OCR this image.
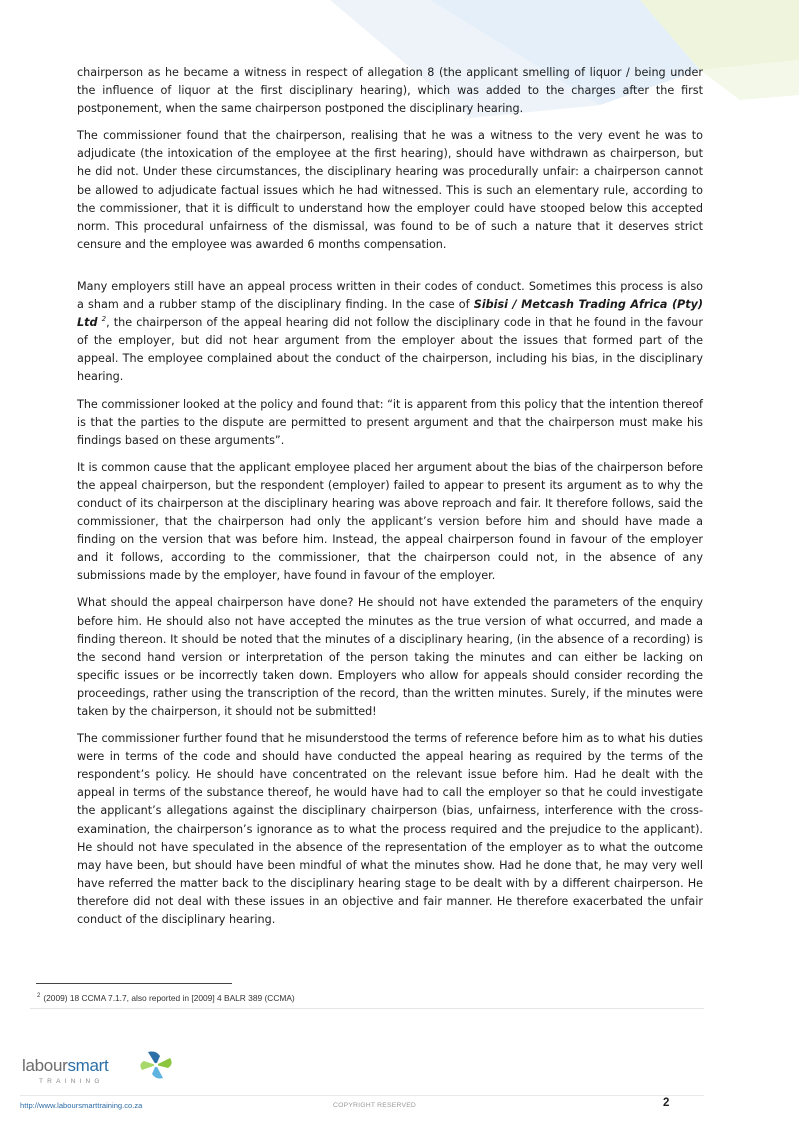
chairperson as he became a witness in respect of allegation 8 (the applicant smelling of liquor / being under the influence of liquor at the first disciplinary hearing), which was added to the charges after the first postponement, when the same chairperson postponed the disciplinary hearing.

The commissioner found that the chairperson, realising that he was a witness to the very event he was to adjudicate (the intoxication of the employee at the first hearing), should have withdrawn as chairperson, but he did not. Under these circumstances, the disciplinary hearing was procedurally unfair: a chairperson cannot be allowed to adjudicate factual issues which he had witnessed. This is such an elementary rule, according to the commissioner, that it is difficult to understand how the employer could have stooped below this accepted norm. This procedural unfairness of the dismissal, was found to be of such a nature that it deserves strict censure and the employee was awarded 6 months compensation.

Many employers still have an appeal process written in their codes of conduct. Sometimes this process is also a sham and a rubber stamp of the disciplinary finding. In the case of Sibisi / Metcash Trading Africa (Pty) Ltd $^2$, the chairperson of the appeal hearing did not follow the disciplinary code in that he found in the favour of the employer, but did not hear argument from the employer about the issues that formed part of the appeal. The employee complained about the conduct of the chairperson, including his bias, in the disciplinary hearing.

The commissioner looked at the policy and found that: “it is apparent from this policy that the intention thereof is that the parties to the dispute are permitted to present argument and that the chairperson must make his findings based on these arguments”.

It is common cause that the applicant employee placed her argument about the bias of the chairperson before the appeal chairperson, but the respondent (employer) failed to appear to present its argument as to why the conduct of its chairperson at the disciplinary hearing was above reproach and fair. It therefore follows, said the commissioner, that the chairperson had only the applicant’s version before him and should have made a finding on the version that was before him. Instead, the appeal chairperson found in favour of the employer and it follows, according to the commissioner, that the chairperson could not, in the absence of any submissions made by the employer, have found in favour of the employer.

What should the appeal chairperson have done? He should not have extended the parameters of the enquiry before him. He should also not have accepted the minutes as the true version of what occurred, and made a finding thereon. It should be noted that the minutes of a disciplinary hearing, (in the absence of a recording) is the second hand version or interpretation of the person taking the minutes and can either be lacking on specific issues or be incorrectly taken down. Employers who allow for appeals should consider recording the proceedings, rather using the transcription of the record, than the written minutes. Surely, if the minutes were taken by the chairperson, it should not be submitted!

The commissioner further found that he misunderstood the terms of reference before him as to what his duties were in terms of the code and should have conducted the appeal hearing as required by the terms of the respondent’s policy. He should have concentrated on the relevant issue before him. Had he dealt with the appeal in terms of the substance thereof, he would have had to call the employer so that he could investigate the applicant’s allegations against the disciplinary chairperson (bias, unfairness, interference with the cross-examination, the chairperson’s ignorance as to what the process required and the prejudice to the applicant). He should not have speculated in the absence of the representation of the employer as to what the outcome may have been, but should have been mindful of what the minutes show. Had he done that, he may very well have referred the matter back to the disciplinary hearing stage to be dealt with by a different chairperson. He therefore did not deal with these issues in an objective and fair manner. He therefore exacerbated the unfair conduct of the disciplinary hearing.

$^2$ (2009) 18 CCMA 7.1.7, also reported in [2009] 4 BALR 389 (CCMA)
laboursmart
TRAINING
http://www.laboursmarttraining.co.za	COPYRIGHT RESERVED	2
